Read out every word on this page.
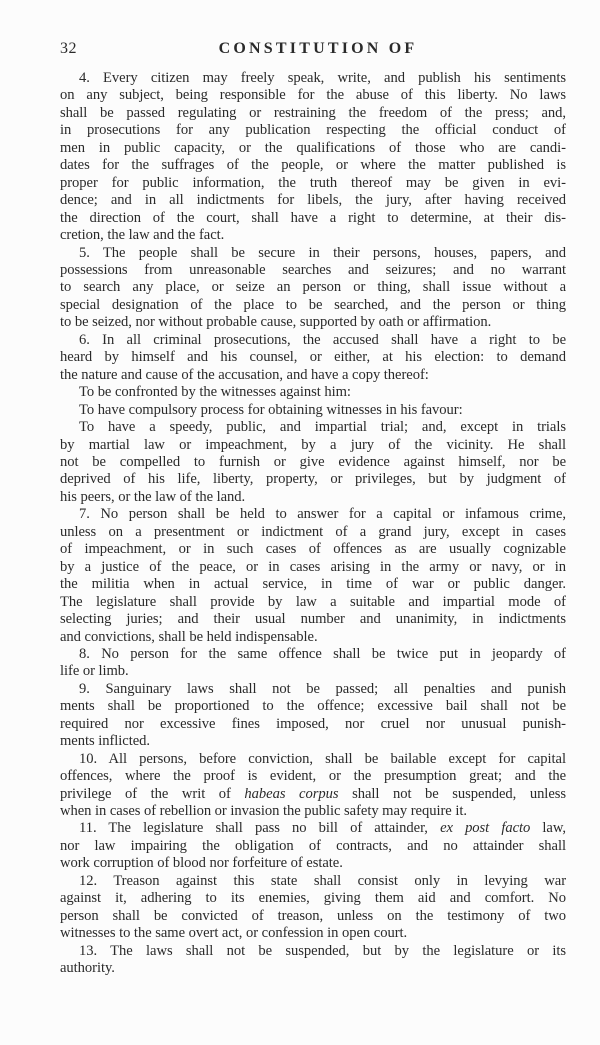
32	CONSTITUTION OF
4. Every citizen may freely speak, write, and publish his sentiments
on any subject, being responsible for the abuse of this liberty. No laws
shall be passed regulating or restraining the freedom of the press; and,
in prosecutions for any publication respecting the official conduct of
men in public capacity, or the qualifications of those who are candi-
dates for the suffrages of the people, or where the matter published is
proper for public information, the truth thereof may be given in evi-
dence; and in all indictments for libels, the jury, after having received
the direction of the court, shall have a right to determine, at their dis-
cretion, the law and the fact.
5. The people shall be secure in their persons, houses, papers, and
possessions from unreasonable searches and seizures; and no warrant
to search any place, or seize an person or thing, shall issue without a
special designation of the place to be searched, and the person or thing
to be seized, nor without probable cause, supported by oath or affirmation.
6. In all criminal prosecutions, the accused shall have a right to be
heard by himself and his counsel, or either, at his election: to demand
the nature and cause of the accusation, and have a copy thereof:
To be confronted by the witnesses against him:
To have compulsory process for obtaining witnesses in his favour:
To have a speedy, public, and impartial trial; and, except in trials
by martial law or impeachment, by a jury of the vicinity. He shall
not be compelled to furnish or give evidence against himself, nor be
deprived of his life, liberty, property, or privileges, but by judgment of
his peers, or the law of the land.
7. No person shall be held to answer for a capital or infamous crime,
unless on a presentment or indictment of a grand jury, except in cases
of impeachment, or in such cases of offences as are usually cognizable
by a justice of the peace, or in cases arising in the army or navy, or in
the militia when in actual service, in time of war or public danger.
The legislature shall provide by law a suitable and impartial mode of
selecting juries; and their usual number and unanimity, in indictments
and convictions, shall be held indispensable.
8. No person for the same offence shall be twice put in jeopardy of
life or limb.
9. Sanguinary laws shall not be passed; all penalties and punish
ments shall be proportioned to the offence; excessive bail shall not be
required nor excessive fines imposed, nor cruel nor unusual punish-
ments inflicted.
10. All persons, before conviction, shall be bailable except for capital
offences, where the proof is evident, or the presumption great; and the
privilege of the writ of habeas corpus shall not be suspended, unless
when in cases of rebellion or invasion the public safety may require it.
11. The legislature shall pass no bill of attainder, ex post facto law,
nor law impairing the obligation of contracts, and no attainder shall
work corruption of blood nor forfeiture of estate.
12. Treason against this state shall consist only in levying war
against it, adhering to its enemies, giving them aid and comfort. No
person shall be convicted of treason, unless on the testimony of two
witnesses to the same overt act, or confession in open court.
13. The laws shall not be suspended, but by the legislature or its
authority.
